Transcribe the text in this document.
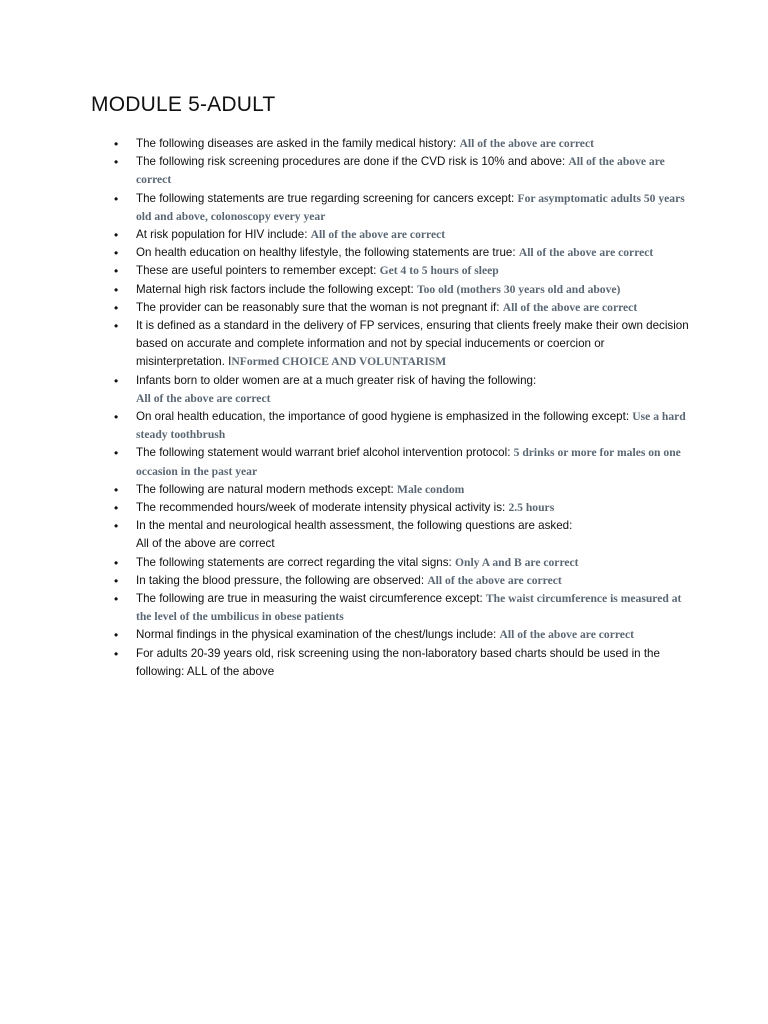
MODULE 5-ADULT
• The following diseases are asked in the family medical history: All of the above are correct
• The following risk screening procedures are done if the CVD risk is 10% and above: All of the above are correct
• The following statements are true regarding screening for cancers except: For asymptomatic adults 50 years old and above, colonoscopy every year
• At risk population for HIV include: All of the above are correct
• On health education on healthy lifestyle, the following statements are true: All of the above are correct
• These are useful pointers to remember except: Get 4 to 5 hours of sleep
• Maternal high risk factors include the following except: Too old (mothers 30 years old and above)
• The provider can be reasonably sure that the woman is not pregnant if: All of the above are correct
• It is defined as a standard in the delivery of FP services, ensuring that clients freely make their own decision based on accurate and complete information and not by special inducements or coercion or misinterpretation. INFormed CHOICE AND VOLUNTARISM
• Infants born to older women are at a much greater risk of having the following:
All of the above are correct
• On oral health education, the importance of good hygiene is emphasized in the following except: Use a hard steady toothbrush
• The following statement would warrant brief alcohol intervention protocol: 5 drinks or more for males on one occasion in the past year
• The following are natural modern methods except: Male condom
• The recommended hours/week of moderate intensity physical activity is: 2.5 hours
• In the mental and neurological health assessment, the following questions are asked:
All of the above are correct
• The following statements are correct regarding the vital signs: Only A and B are correct
• In taking the blood pressure, the following are observed: All of the above are correct
• The following are true in measuring the waist circumference except: The waist circumference is measured at the level of the umbilicus in obese patients
• Normal findings in the physical examination of the chest/lungs include: All of the above are correct
• For adults 20-39 years old, risk screening using the non-laboratory based charts should be used in the following: ALL of the above
